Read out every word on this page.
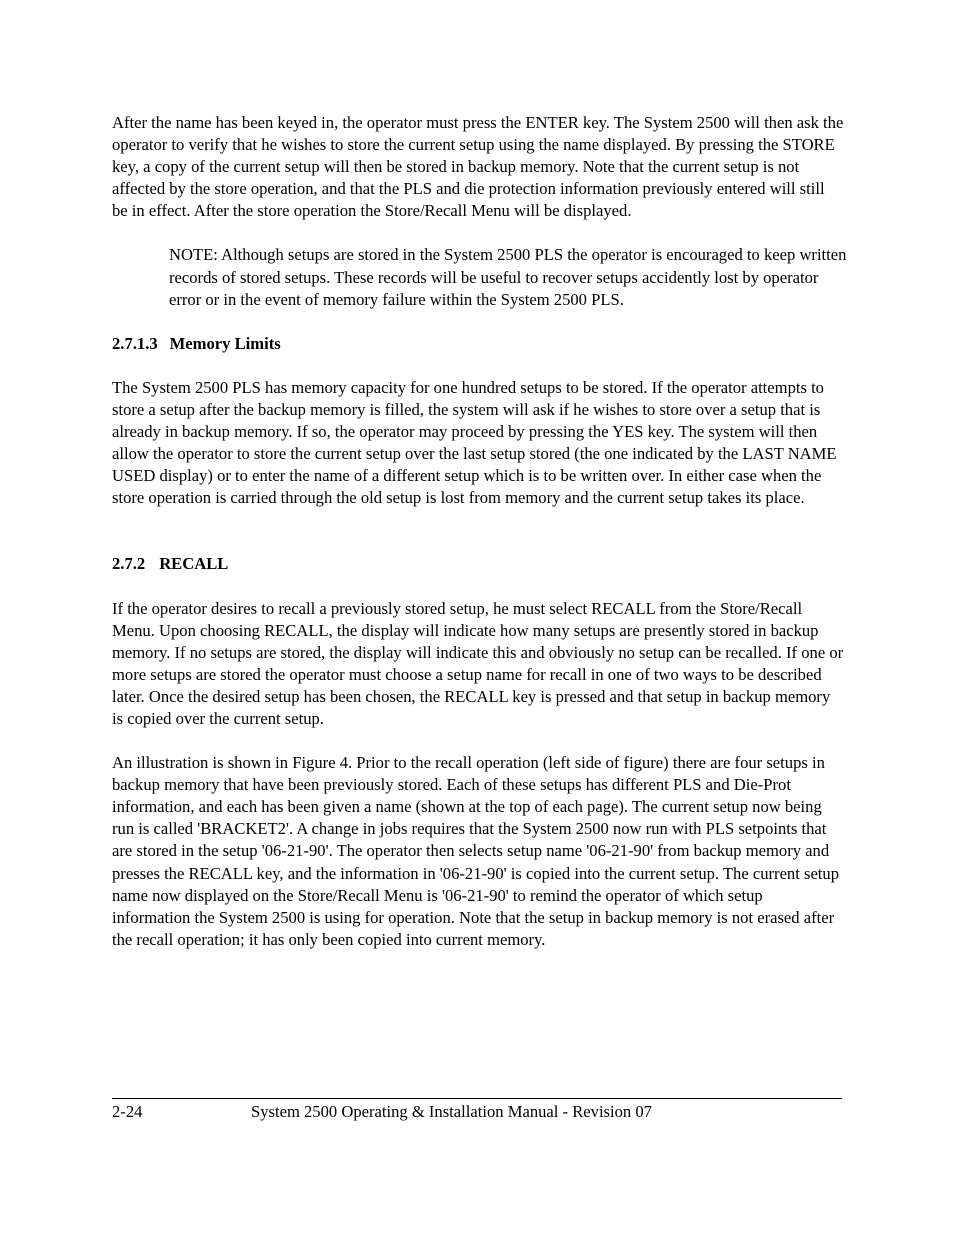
After the name has been keyed in, the operator must press the ENTER key. The System 2500 will then ask the operator to verify that he wishes to store the current setup using the name displayed. By pressing the STORE key, a copy of the current setup will then be stored in backup memory. Note that the current setup is not affected by the store operation, and that the PLS and die protection information previously entered will still be in effect. After the store operation the Store/Recall Menu will be displayed.

NOTE: Although setups are stored in the System 2500 PLS the operator is encouraged to keep written records of stored setups. These records will be useful to recover setups accidently lost by operator error or in the event of memory failure within the System 2500 PLS.

2.7.1.3 Memory Limits

The System 2500 PLS has memory capacity for one hundred setups to be stored. If the operator attempts to store a setup after the backup memory is filled, the system will ask if he wishes to store over a setup that is already in backup memory. If so, the operator may proceed by pressing the YES key. The system will then allow the operator to store the current setup over the last setup stored (the one indicated by the LAST NAME USED display) or to enter the name of a different setup which is to be written over. In either case when the store operation is carried through the old setup is lost from memory and the current setup takes its place.

2.7.2 RECALL

If the operator desires to recall a previously stored setup, he must select RECALL from the Store/Recall Menu. Upon choosing RECALL, the display will indicate how many setups are presently stored in backup memory. If no setups are stored, the display will indicate this and obviously no setup can be recalled. If one or more setups are stored the operator must choose a setup name for recall in one of two ways to be described later. Once the desired setup has been chosen, the RECALL key is pressed and that setup in backup memory is copied over the current setup.

An illustration is shown in Figure 4. Prior to the recall operation (left side of figure) there are four setups in backup memory that have been previously stored. Each of these setups has different PLS and Die-Prot information, and each has been given a name (shown at the top of each page). The current setup now being run is called 'BRACKET2'. A change in jobs requires that the System 2500 now run with PLS setpoints that are stored in the setup '06-21-90'. The operator then selects setup name '06-21-90' from backup memory and presses the RECALL key, and the information in '06-21-90' is copied into the current setup. The current setup name now displayed on the Store/Recall Menu is '06-21-90' to remind the operator of which setup information the System 2500 is using for operation. Note that the setup in backup memory is not erased after the recall operation; it has only been copied into current memory.

2-24	System 2500 Operating & Installation Manual - Revision 07
